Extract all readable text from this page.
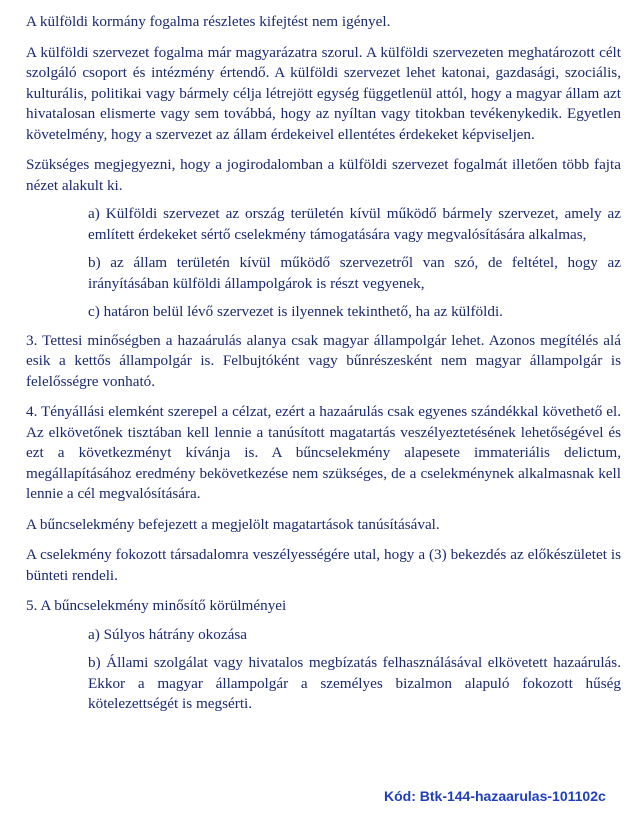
A külföldi kormány fogalma részletes kifejtést nem igényel.

A külföldi szervezet fogalma már magyarázatra szorul. A külföldi szervezeten meghatározott célt szolgáló csoport és intézmény értendő. A külföldi szervezet lehet katonai, gazdasági, szociális, kulturális, politikai vagy bármely célja létrejött egység függetlenül attól, hogy a magyar állam azt hivatalosan elismerte vagy sem továbbá, hogy az nyíltan vagy titokban tevékenykedik. Egyetlen követelmény, hogy a szervezet az állam érdekeivel ellentétes érdekeket képviseljen.

Szükséges megjegyezni, hogy a jogirodalomban a külföldi szervezet fogalmát illetően több fajta nézet alakult ki.

a) Külföldi szervezet az ország területén kívül működő bármely szervezet, amely az említett érdekeket sértő cselekmény támogatására vagy megvalósítására alkalmas,

b) az állam területén kívül működő szervezetről van szó, de feltétel, hogy az irányításában külföldi állampolgárok is részt vegyenek,

c) határon belül lévő szervezet is ilyennek tekinthető, ha az külföldi.

3. Tettesi minőségben a hazaárulás alanya csak magyar állampolgár lehet. Azonos megítélés alá esik a kettős állampolgár is. Felbujtóként vagy bűnrészesként nem magyar állampolgár is felelősségre vonható.

4. Tényállási elemként szerepel a célzat, ezért a hazaárulás csak egyenes szándékkal követhető el. Az elkövetőnek tisztában kell lennie a tanúsított magatartás veszélyeztetésének lehetőségével és ezt a következményt kívánja is. A bűncselekmény alapesete immateriális delictum, megállapításához eredmény bekövetkezése nem szükséges, de a cselekménynek alkalmasnak kell lennie a cél megvalósítására.

A bűncselekmény befejezett a megjelölt magatartások tanúsításával.

A cselekmény fokozott társadalomra veszélyességére utal, hogy a (3) bekezdés az előkészületet is bünteti rendeli.

5. A bűncselekmény minősítő körülményei

a) Súlyos hátrány okozása

b) Állami szolgálat vagy hivatalos megbízatás felhasználásával elkövetett hazaárulás. Ekkor a magyar állampolgár a személyes bizalmon alapuló fokozott hűség kötelezettségét is megsérti.

Kód: Btk-144-hazaarulas-101102c
